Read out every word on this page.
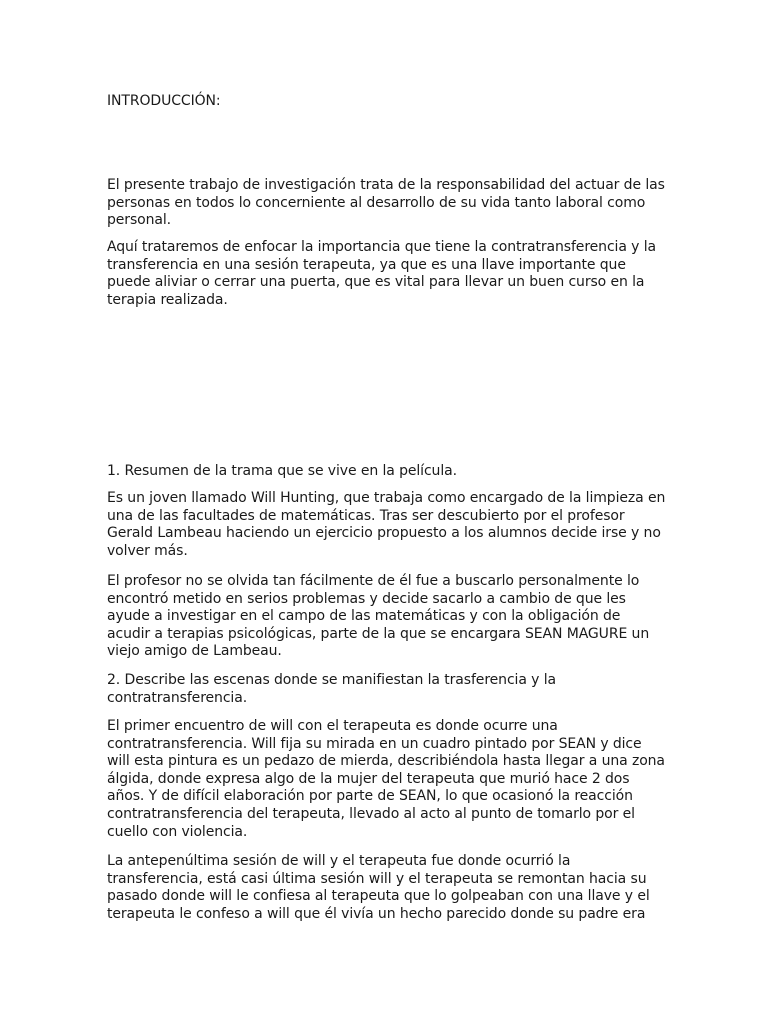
INTRODUCCIÓN:

El presente trabajo de investigación trata de la responsabilidad del actuar de las personas en todos lo concerniente al desarrollo de su vida tanto laboral como personal.

Aquí trataremos de enfocar la importancia que tiene la contratransferencia y la transferencia en una sesión terapeuta, ya que es una llave importante que puede aliviar o cerrar una puerta, que es vital para llevar un buen curso en la terapia realizada.

1. Resumen de la trama que se vive en la película.

Es un joven llamado Will Hunting, que trabaja como encargado de la limpieza en una de las facultades de matemáticas. Tras ser descubierto por el profesor Gerald Lambeau haciendo un ejercicio propuesto a los alumnos decide irse y no volver más.

El profesor no se olvida tan fácilmente de él fue a buscarlo personalmente lo encontró metido en serios problemas y decide sacarlo a cambio de que les ayude a investigar en el campo de las matemáticas y con la obligación de acudir a terapias psicológicas, parte de la que se encargara SEAN MAGURE un viejo amigo de Lambeau.

2. Describe las escenas donde se manifiestan la trasferencia y la contratransferencia.

El primer encuentro de will con el terapeuta es donde ocurre una contratransferencia. Will fija su mirada en un cuadro pintado por SEAN y dice will esta pintura es un pedazo de mierda, describiéndola hasta llegar a una zona álgida, donde expresa algo de la mujer del terapeuta que murió hace 2 dos años. Y de difícil elaboración por parte de SEAN, lo que ocasionó la reacción contratransferencia del terapeuta, llevado al acto al punto de tomarlo por el cuello con violencia.

La antepenúltima sesión de will y el terapeuta fue donde ocurrió la transferencia, está casi última sesión will y el terapeuta se remontan hacia su pasado donde will le confiesa al terapeuta que lo golpeaban con una llave y el terapeuta le confeso a will que él vivía un hecho parecido donde su padre era
